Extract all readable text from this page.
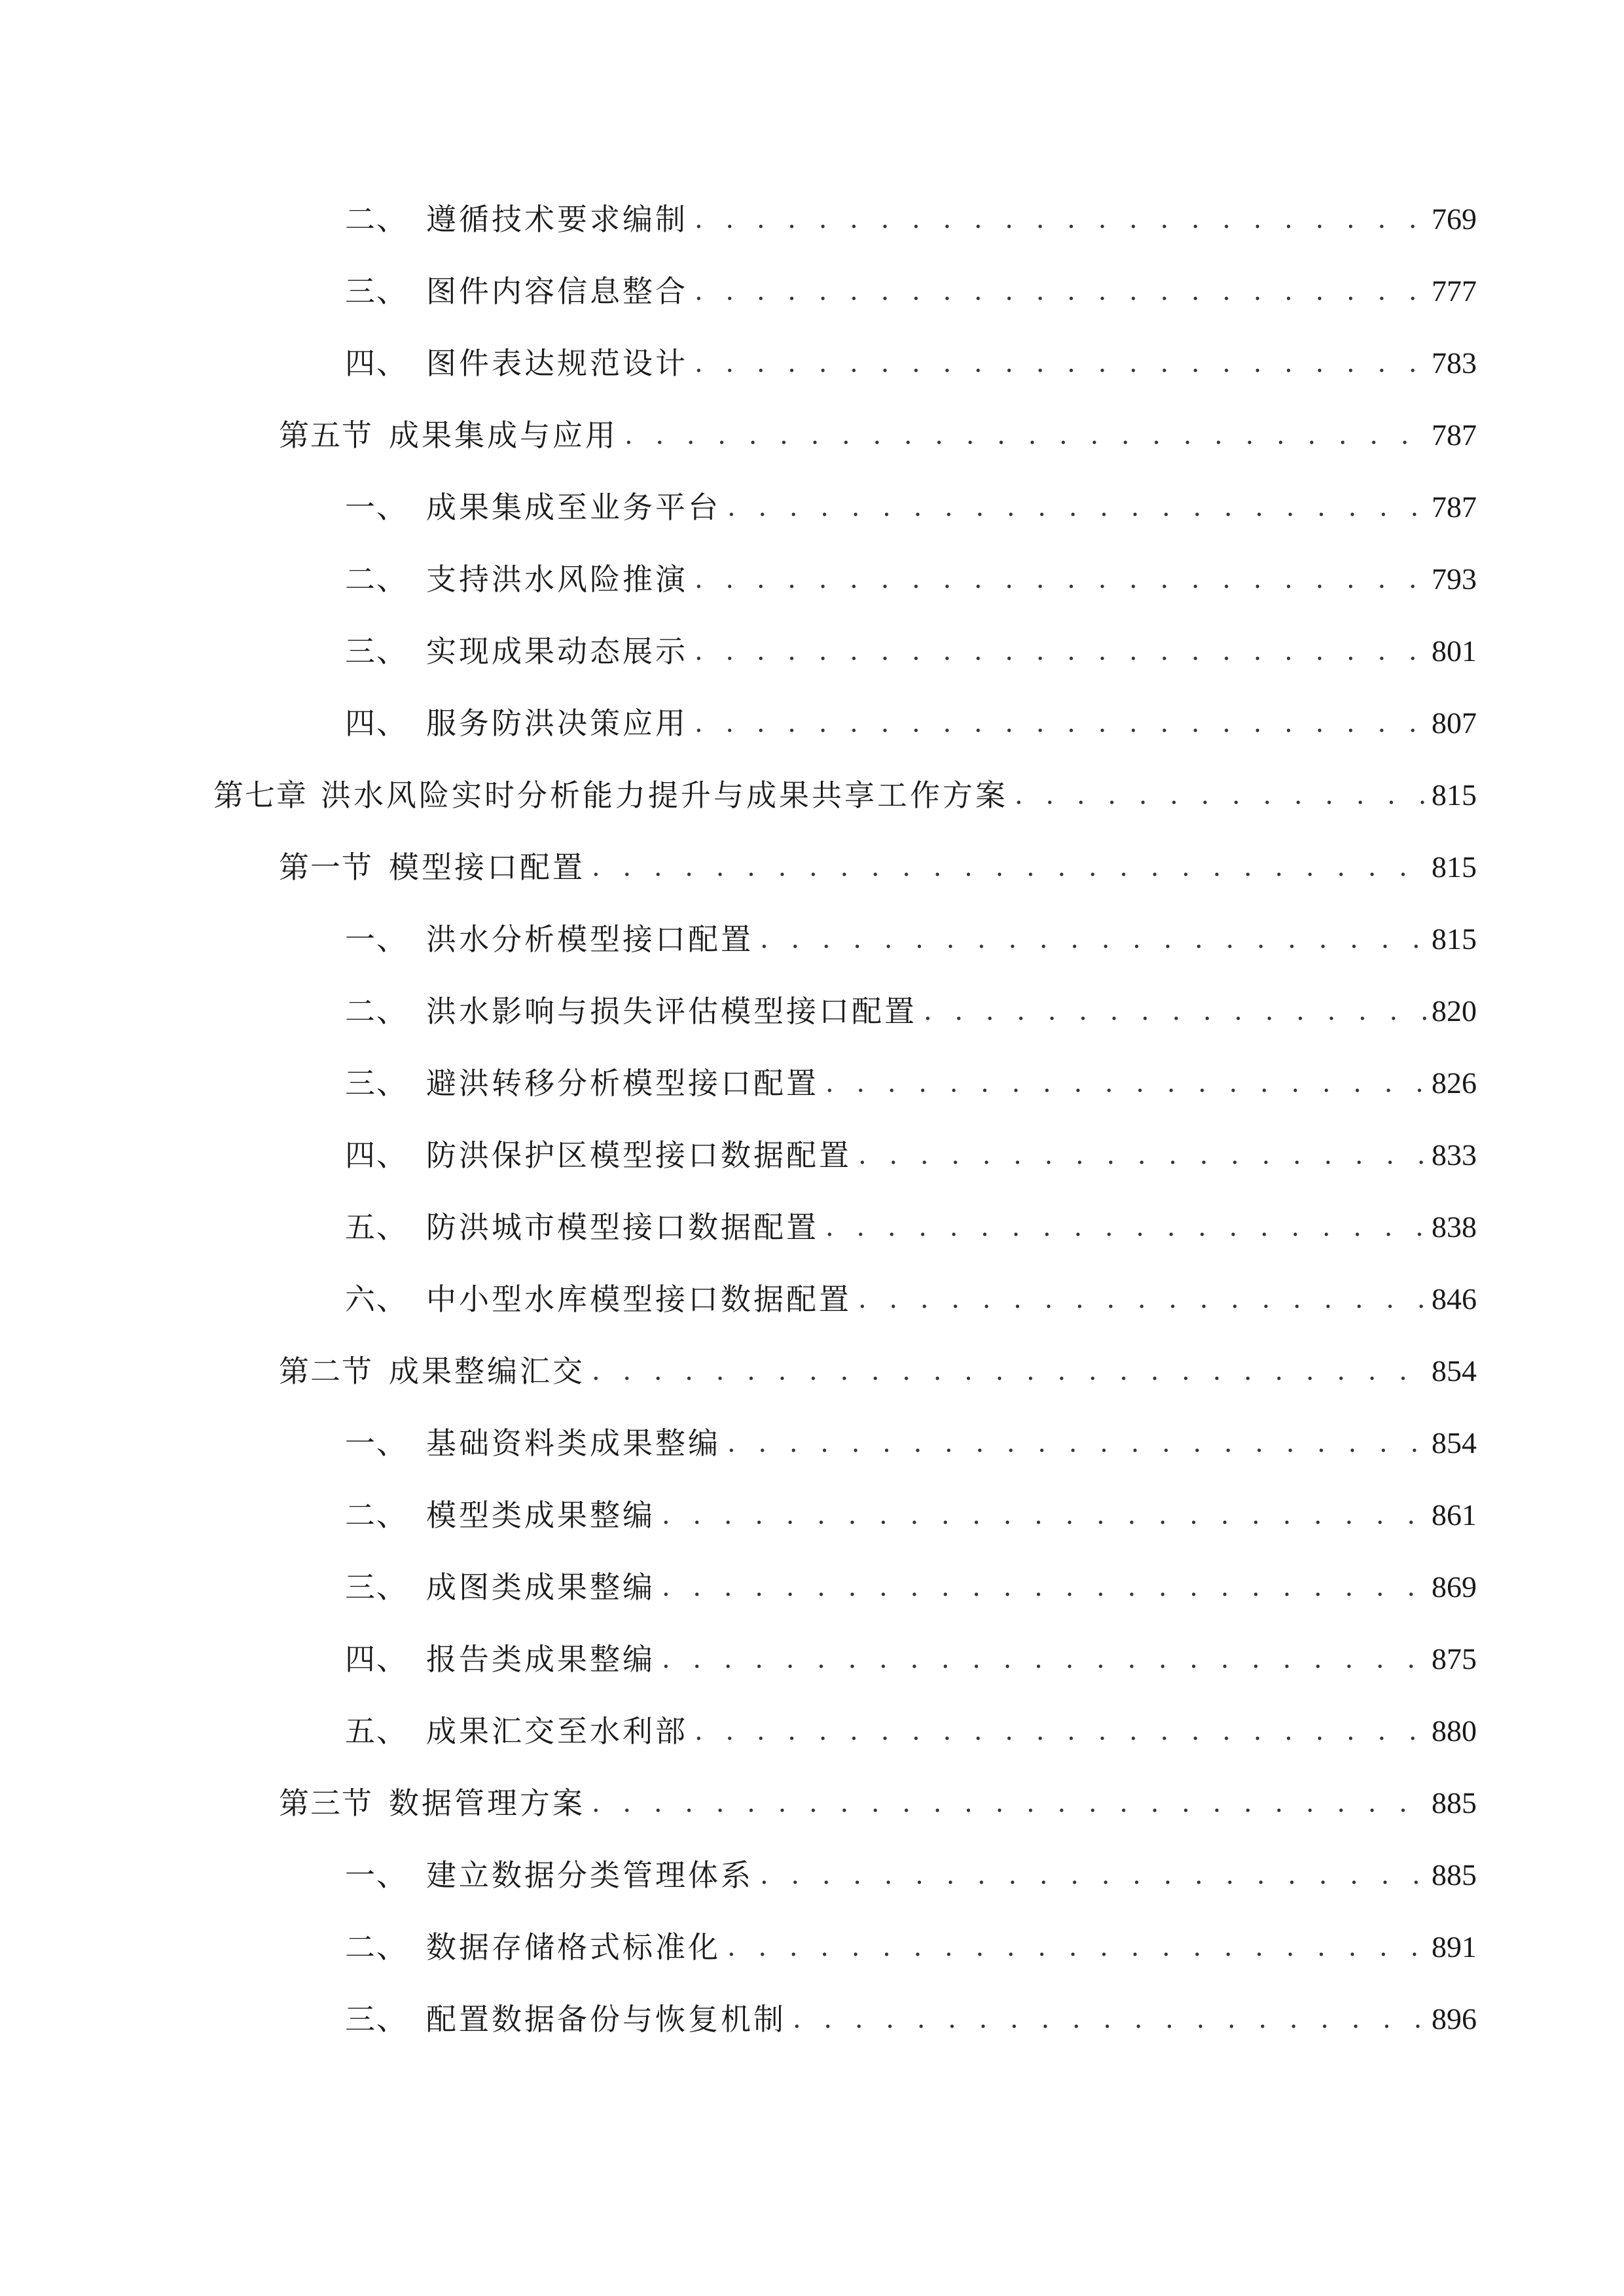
二、 遵循技术要求编制 . . .	769
三、 图件内容信息整合 . . .	777
四、 图件表达规范设计 . . .	783
第五节 成果集成与应用 . . .	787
一、 成果集成至业务平台 . . .	787
二、 支持洪水风险推演 . . .	793
三、 实现成果动态展示 . . .	801
四、 服务防洪决策应用 . . .	807
第七章 洪水风险实时分析能力提升与成果共享工作方案 . . .	815
第一节 模型接口配置 . . .	815
一、 洪水分析模型接口配置 . . .	815
二、 洪水影响与损失评估模型接口配置 . . .	820
三、 避洪转移分析模型接口配置 . . .	826
四、 防洪保护区模型接口数据配置 . . .	833
五、 防洪城市模型接口数据配置 . . .	838
六、 中小型水库模型接口数据配置 . . .	846
第二节 成果整编汇交 . . .	854
一、 基础资料类成果整编 . . .	854
二、 模型类成果整编 . . .	861
三、 成图类成果整编 . . .	869
四、 报告类成果整编 . . .	875
五、 成果汇交至水利部 . . .	880
第三节 数据管理方案 . . .	885
一、 建立数据分类管理体系 . . .	885
二、 数据存储格式标准化 . . .	891
三、 配置数据备份与恢复机制 . . .	896
